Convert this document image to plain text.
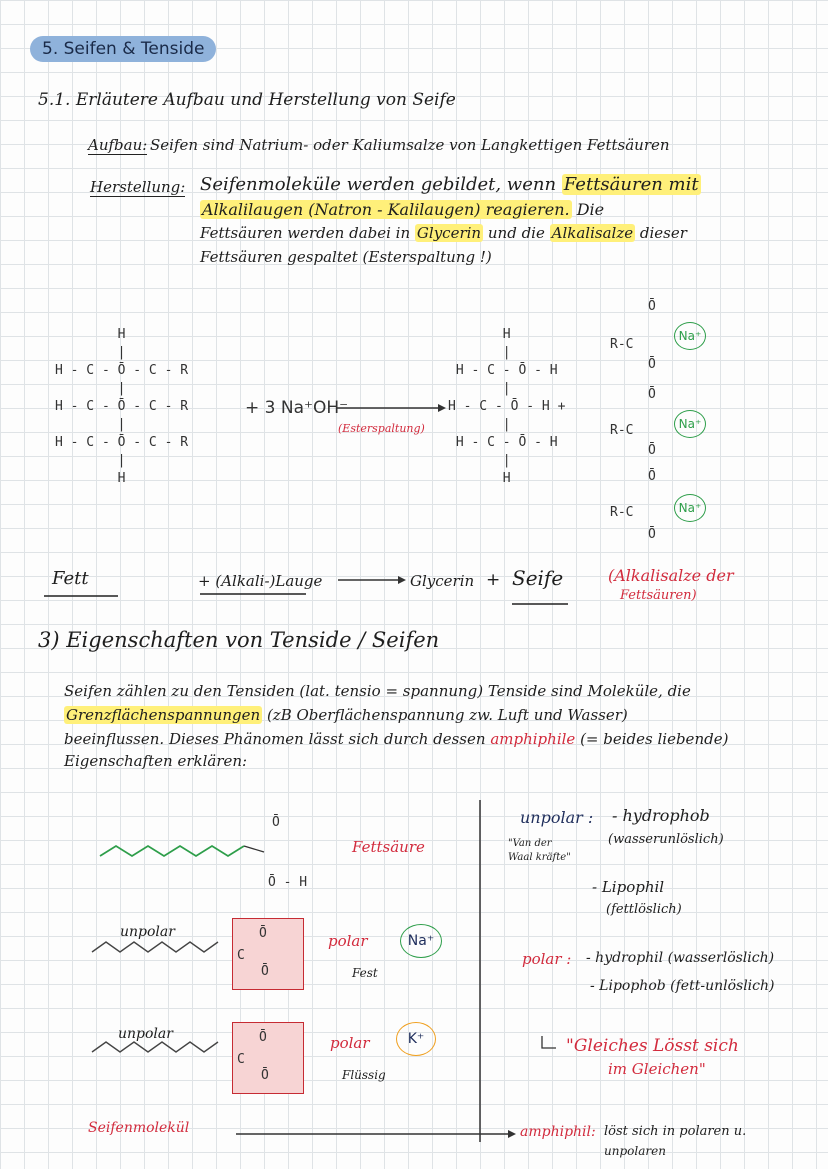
5. Seifen & Tenside
5.1. Erläutere Aufbau und Herstellung von Seife
Aufbau: Seifen sind Natrium- oder Kaliumsalze von Langkettigen Fettsäuren
Herstellung: Seifenmoleküle werden gebildet, wenn Fettsäuren mit
Alkalilaugen (Natron - Kalilaugen) reagieren. Die
Fettsäuren werden dabei in Glycerin und die Alkalisalze dieser
Fettsäuren gespaltet (Esterspaltung !)
H
|
H - C - Ō - C - R
|
H - C - Ō - C - R
|
H - C - Ō - C - R
|
H
+ 3 Na⁺OH⁻
(Esterspaltung)
H
|
H - C - Ō - H
|
H - C - Ō - H +
|
H - C - Ō - H
|
H
R-C
Ō
Ō
Na⁺
R-C
Ō
Ō
Na⁺
R-C
Ō
Ō
Na⁺
Fett	+ (Alkali-)Lauge	Glycerin + Seife	(Alkalisalze der
Fettsäuren)
3) Eigenschaften von Tenside / Seifen
Seifen zählen zu den Tensiden (lat. tensio = spannung) Tenside sind Moleküle, die
Grenzflächenspannungen (zB Oberflächenspannung zw. Luft und Wasser)
beeinflussen. Dieses Phänomen lässt sich durch dessen amphiphile (= beides liebende)
Eigenschaften erklären:
Fettsäure
Ō
Ō - H
unpolar
C
Ō
Ō
polar
Fest
Na⁺
unpolar
C
Ō
Ō
polar
Flüssig
K⁺
Seifenmolekül
unpolar : - hydrophob
(wasserunlöslich)
"Van der
Waal kräfte"
- Lipophil
(fettlöslich)
polar : - hydrophil (wasserlöslich)
- Lipophob (fett-unlöslich)
"Gleiches Lösst sich
im Gleichen"
amphiphil: löst sich in polaren u.
unpolaren
